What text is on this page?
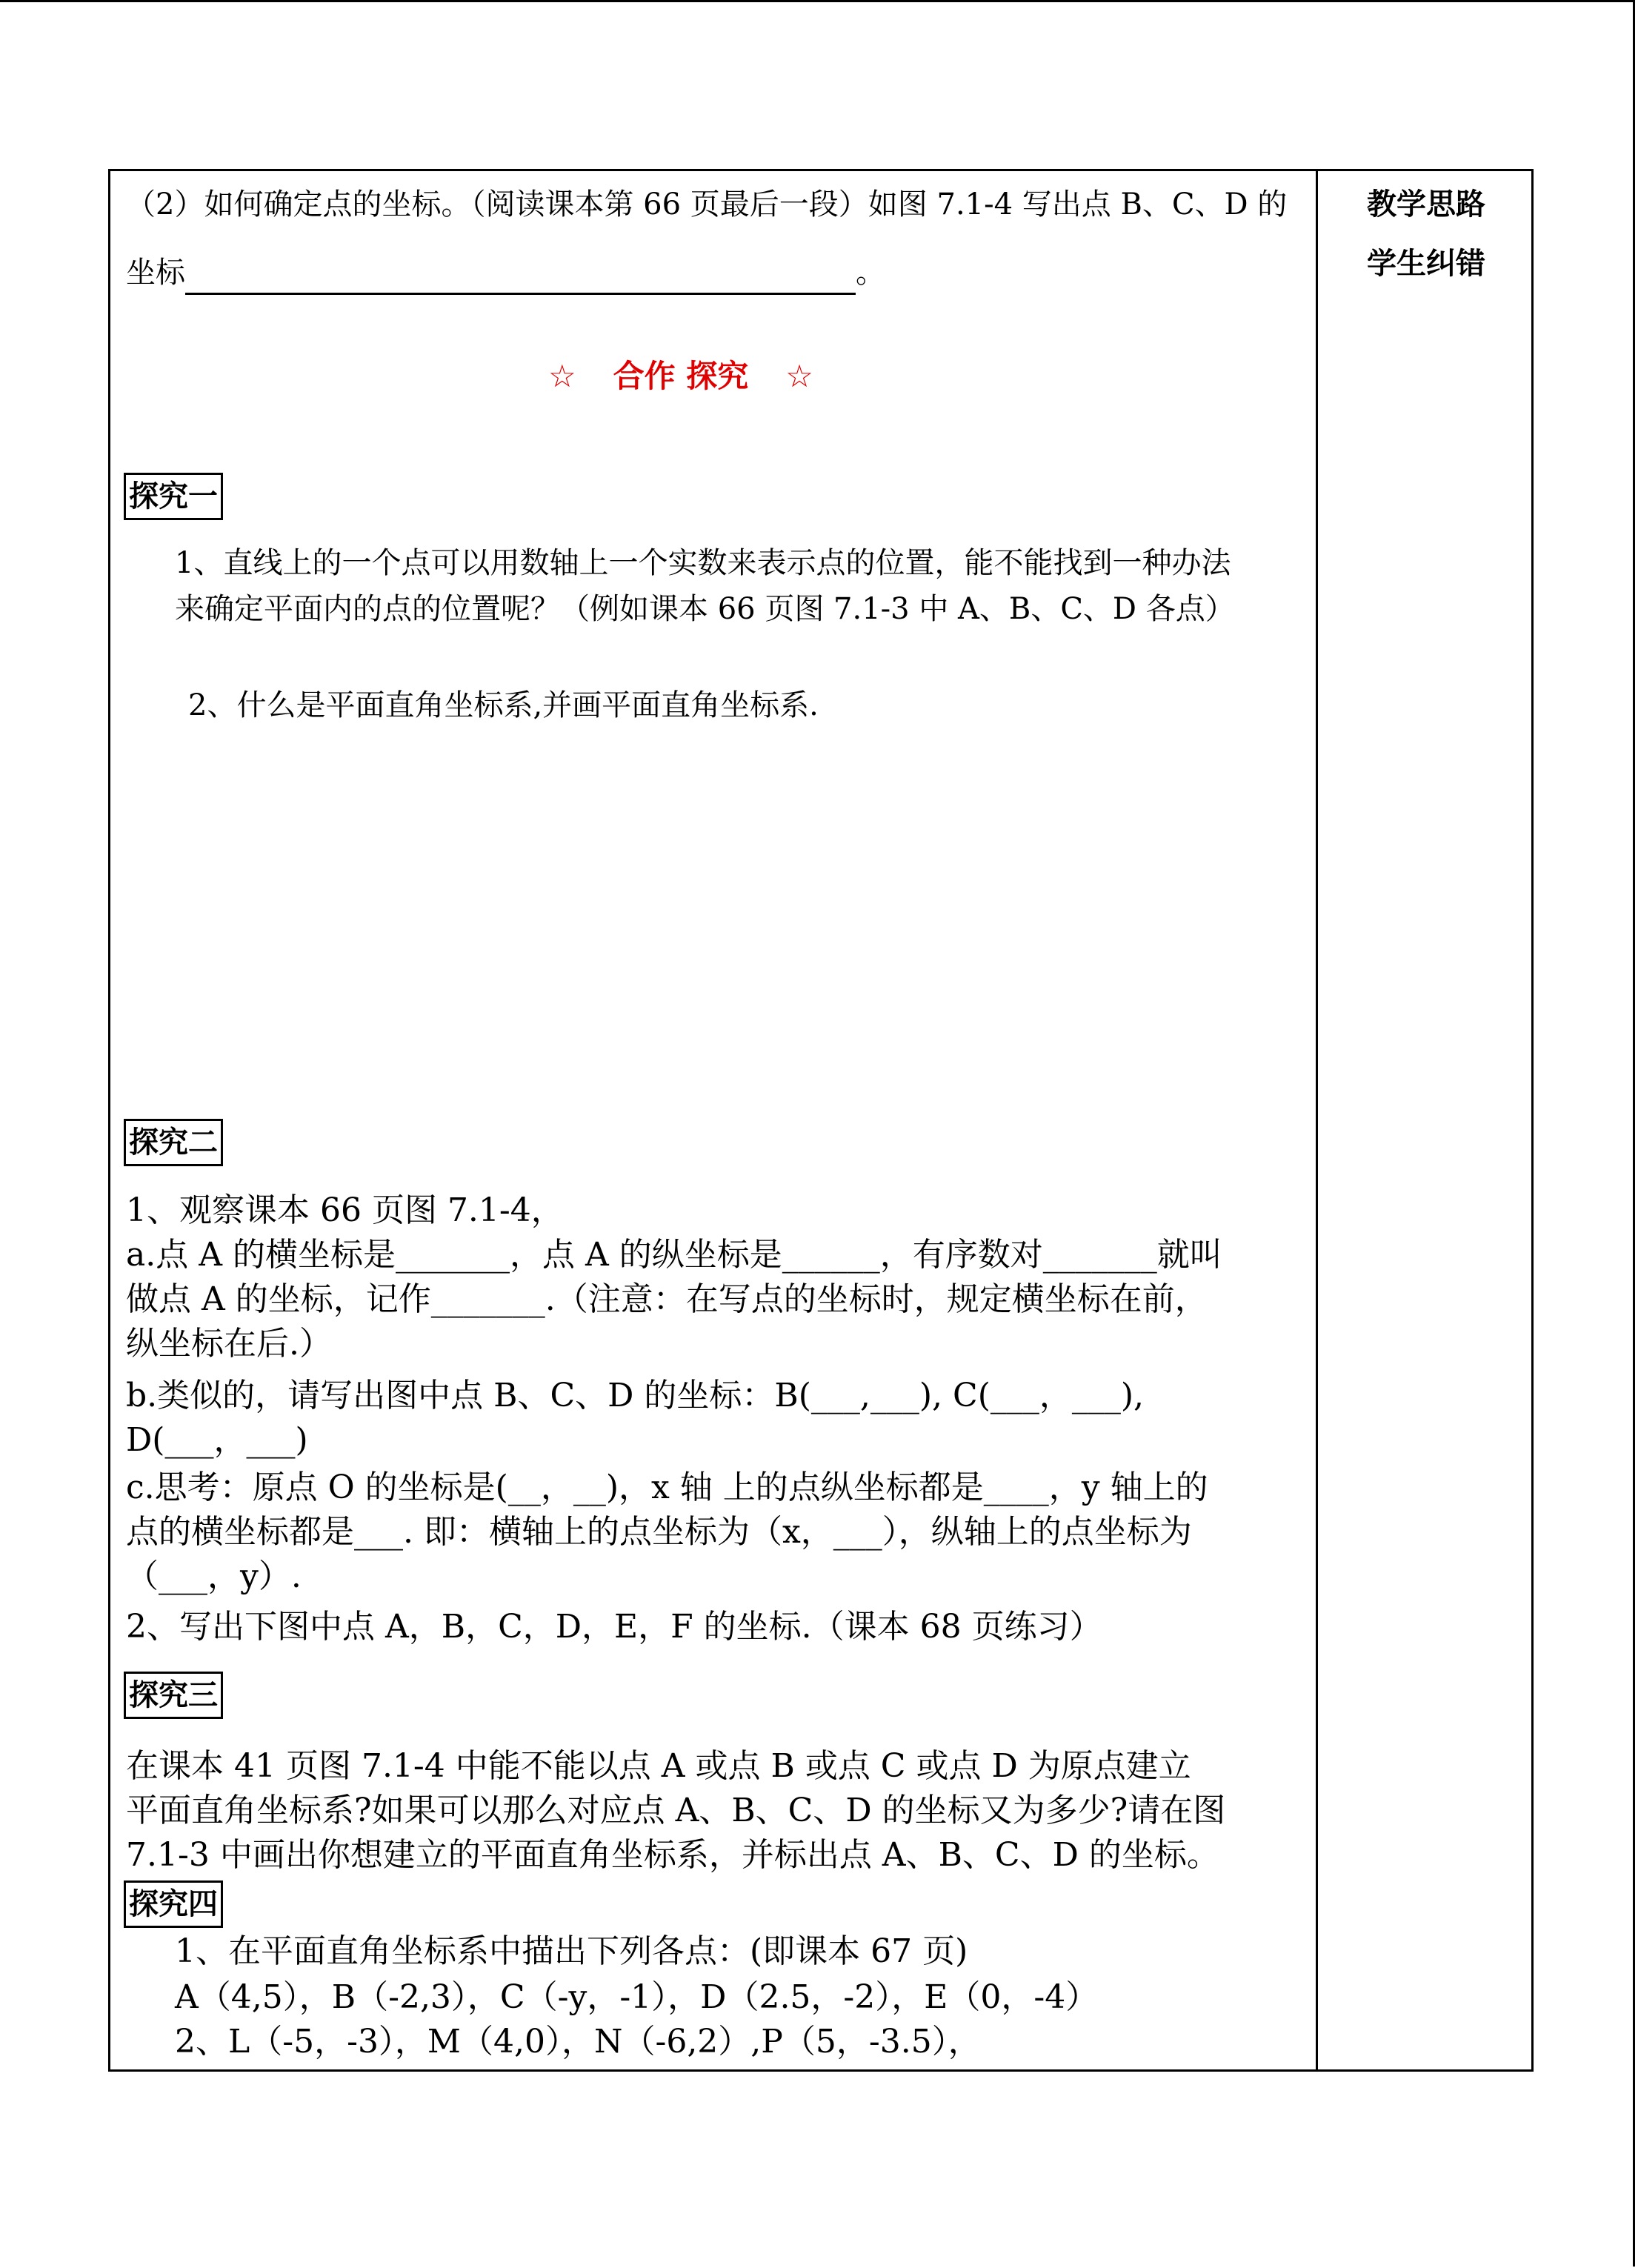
教学思路
学生纠错
（2）如何确定点的坐标。（阅读课本第 66 页最后一段）如图 7.1-4 写出点 B、C、D 的
坐标	。
☆ 合作 探究 ☆
探究一
1、直线上的一个点可以用数轴上一个实数来表示点的位置，能不能找到一种办法
来确定平面内的点的位置呢？（例如课本 66 页图 7.1-3 中 A、B、C、D 各点）
2、什么是平面直角坐标系,并画平面直角坐标系.
探究二
1、观察课本 66 页图 7.1-4，
a.点 A 的横坐标是_______，点 A 的纵坐标是______，有序数对_______就叫
做点 A 的坐标，记作_______.（注意：在写点的坐标时，规定横坐标在前，
纵坐标在后.）
b.类似的，请写出图中点 B、C、D 的坐标：B(___,___), C(___，___),
D(___，___)
c.思考：原点 O 的坐标是(__，__)，x 轴 上的点纵坐标都是____，y 轴上的
点的横坐标都是___. 即：横轴上的点坐标为（x，___），纵轴上的点坐标为
（___，y）.
2、写出下图中点 A，B，C，D，E，F 的坐标.（课本 68 页练习）
探究三
在课本 41 页图 7.1-4 中能不能以点 A 或点 B 或点 C 或点 D 为原点建立
平面直角坐标系?如果可以那么对应点 A、B、C、D 的坐标又为多少?请在图
7.1-3 中画出你想建立的平面直角坐标系，并标出点 A、B、C、D 的坐标。
探究四
1、在平面直角坐标系中描出下列各点：(即课本 67 页)
A（4,5），B（-2,3），C（-y，-1），D（2.5，-2），E（0，-4）
2、L（-5，-3），M（4,0），N（-6,2）,P（5，-3.5），
